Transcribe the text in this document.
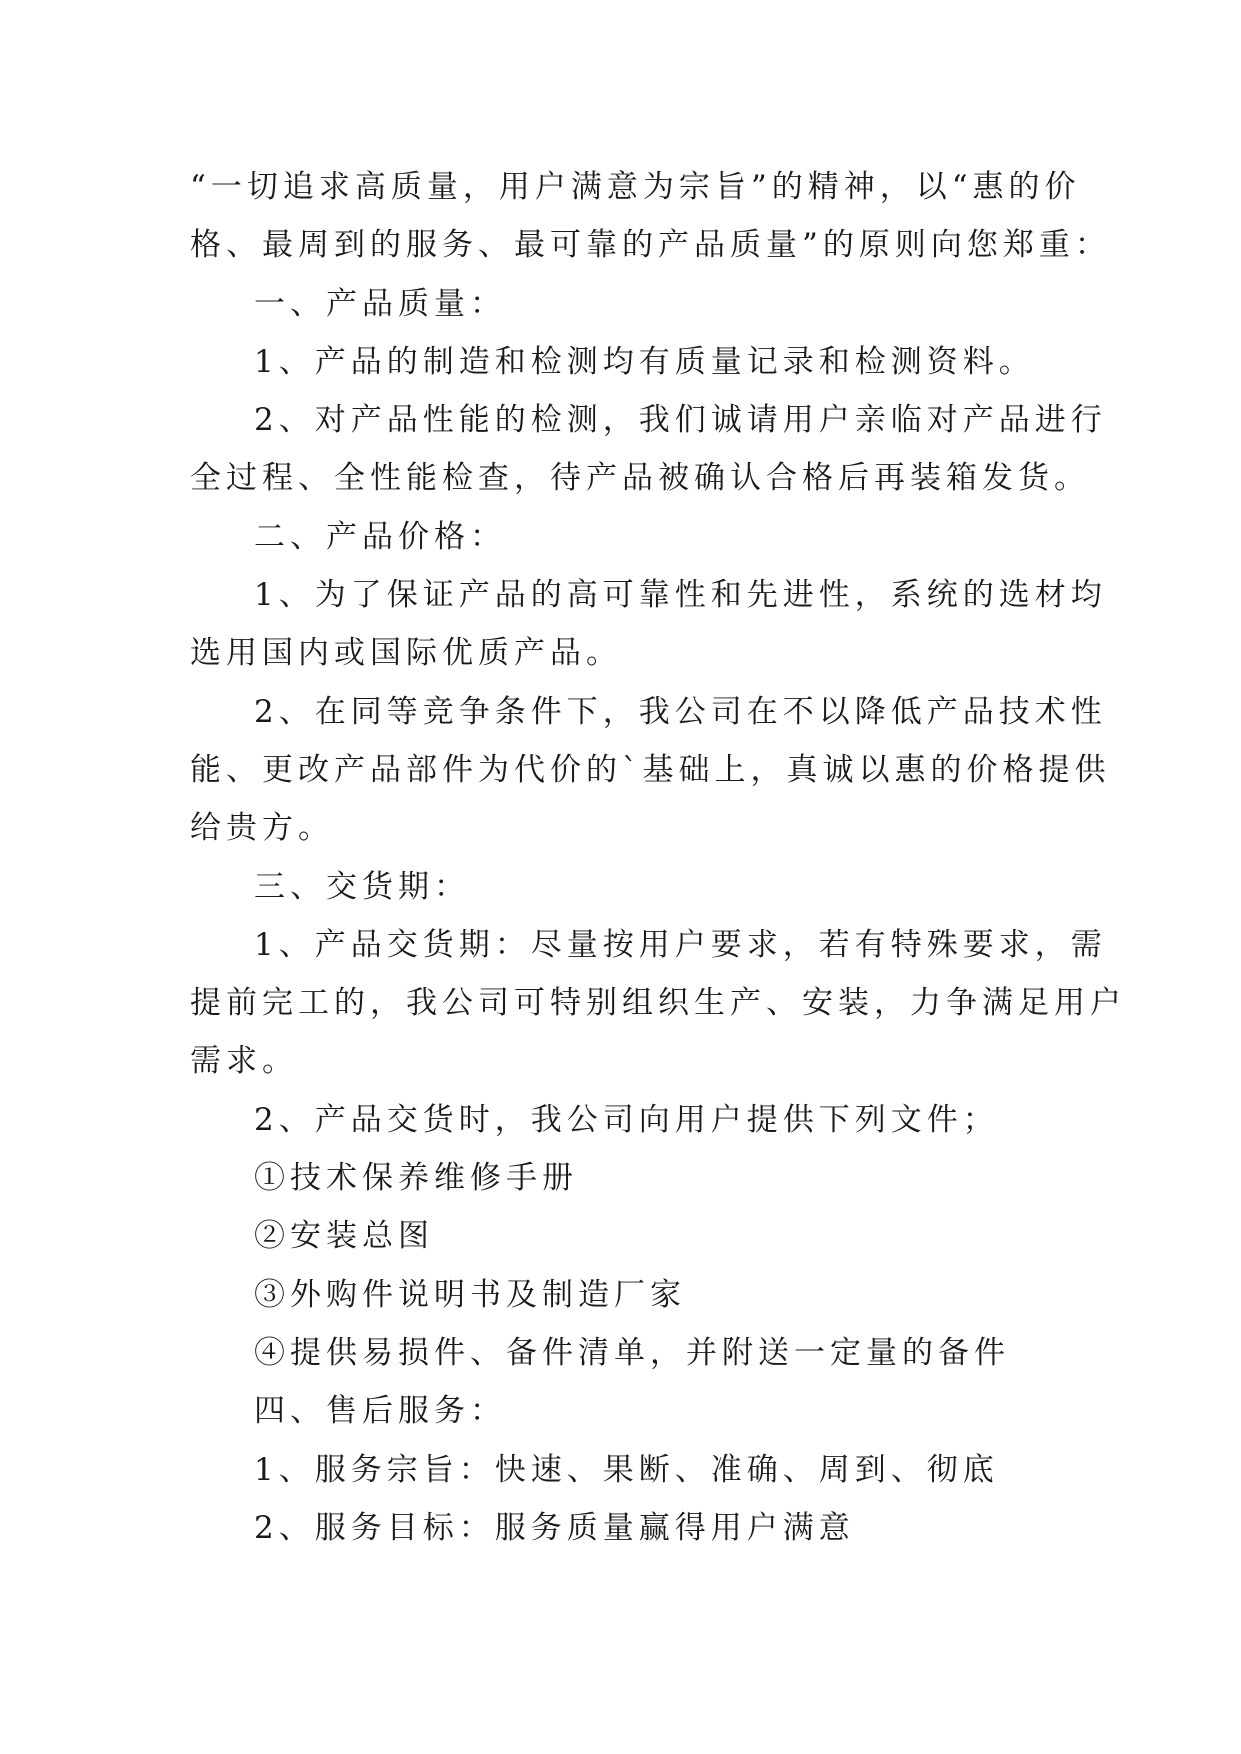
“一切追求高质量，用户满意为宗旨”的精神，以“惠的价
格、最周到的服务、最可靠的产品质量”的原则向您郑重：
一、产品质量：
1、产品的制造和检测均有质量记录和检测资料。
2、对产品性能的检测，我们诚请用户亲临对产品进行
全过程、全性能检查，待产品被确认合格后再装箱发货。
二、产品价格：
1、为了保证产品的高可靠性和先进性，系统的选材均
选用国内或国际优质产品。
2、在同等竞争条件下，我公司在不以降低产品技术性
能、更改产品部件为代价的`基础上，真诚以惠的价格提供
给贵方。
三、交货期：
1、产品交货期：尽量按用户要求，若有特殊要求，需
提前完工的，我公司可特别组织生产、安装，力争满足用户
需求。
2、产品交货时，我公司向用户提供下列文件；
①技术保养维修手册
②安装总图
③外购件说明书及制造厂家
④提供易损件、备件清单，并附送一定量的备件
四、售后服务：
1、服务宗旨：快速、果断、准确、周到、彻底
2、服务目标：服务质量赢得用户满意
